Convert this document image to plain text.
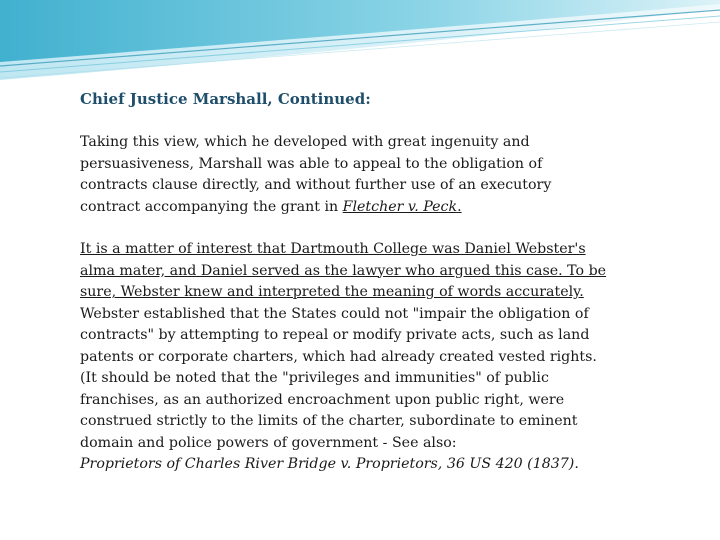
Chief Justice Marshall, Continued:
Taking this view, which he developed with great ingenuity and
persuasiveness, Marshall was able to appeal to the obligation of
contracts clause directly, and without further use of an executory
contract accompanying the grant in Fletcher v. Peck.
It is a matter of interest that Dartmouth College was Daniel Webster's
alma mater, and Daniel served as the lawyer who argued this case. To be
sure, Webster knew and interpreted the meaning of words accurately.
Webster established that the States could not "impair the obligation of
contracts" by attempting to repeal or modify private acts, such as land
patents or corporate charters, which had already created vested rights.
(It should be noted that the "privileges and immunities" of public
franchises, as an authorized encroachment upon public right, were
construed strictly to the limits of the charter, subordinate to eminent
domain and police powers of government - See also:
Proprietors of Charles River Bridge v. Proprietors, 36 US 420 (1837).
